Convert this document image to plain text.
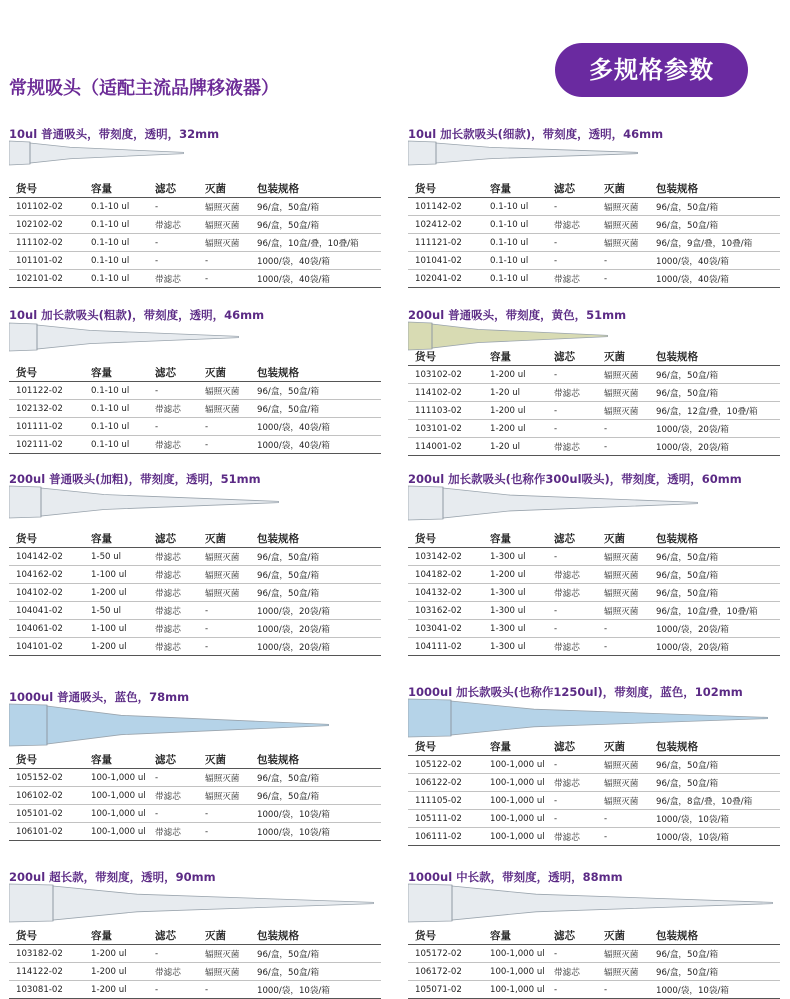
多规格参数
常规吸头（适配主流品牌移液器）
10ul 普通吸头，带刻度，透明，32mm
货号	容量	滤芯	灭菌	包装规格
101102-02	0.1-10 ul	-	辐照灭菌	96/盒，50盒/箱
102102-02	0.1-10 ul	带滤芯	辐照灭菌	96/盒，50盒/箱
111102-02	0.1-10 ul	-	辐照灭菌	96/盒，10盒/叠，10叠/箱
101101-02	0.1-10 ul	-	-	1000/袋，40袋/箱
102101-02	0.1-10 ul	带滤芯	-	1000/袋，40袋/箱
10ul 加长款吸头(细款)，带刻度，透明，46mm
货号	容量	滤芯	灭菌	包装规格
101142-02	0.1-10 ul	-	辐照灭菌	96/盒，50盒/箱
102412-02	0.1-10 ul	带滤芯	辐照灭菌	96/盒，50盒/箱
111121-02	0.1-10 ul	-	辐照灭菌	96/盒，9盒/叠，10叠/箱
101041-02	0.1-10 ul	-	-	1000/袋，40袋/箱
102041-02	0.1-10 ul	带滤芯	-	1000/袋，40袋/箱
10ul 加长款吸头(粗款)，带刻度，透明，46mm
货号	容量	滤芯	灭菌	包装规格
101122-02	0.1-10 ul	-	辐照灭菌	96/盒，50盒/箱
102132-02	0.1-10 ul	带滤芯	辐照灭菌	96/盒，50盒/箱
101111-02	0.1-10 ul	-	-	1000/袋，40袋/箱
102111-02	0.1-10 ul	带滤芯	-	1000/袋，40袋/箱
200ul 普通吸头，带刻度，黄色，51mm
货号	容量	滤芯	灭菌	包装规格
103102-02	1-200 ul	-	辐照灭菌	96/盒，50盒/箱
114102-02	1-20 ul	带滤芯	辐照灭菌	96/盒，50盒/箱
111103-02	1-200 ul	-	辐照灭菌	96/盒，12盒/叠，10叠/箱
103101-02	1-200 ul	-	-	1000/袋，20袋/箱
114001-02	1-20 ul	带滤芯	-	1000/袋，20袋/箱
200ul 普通吸头(加粗)，带刻度，透明，51mm
货号	容量	滤芯	灭菌	包装规格
104142-02	1-50 ul	带滤芯	辐照灭菌	96/盒，50盒/箱
104162-02	1-100 ul	带滤芯	辐照灭菌	96/盒，50盒/箱
104102-02	1-200 ul	带滤芯	辐照灭菌	96/盒，50盒/箱
104041-02	1-50 ul	带滤芯	-	1000/袋，20袋/箱
104061-02	1-100 ul	带滤芯	-	1000/袋，20袋/箱
104101-02	1-200 ul	带滤芯	-	1000/袋，20袋/箱
200ul 加长款吸头(也称作300ul吸头)，带刻度，透明，60mm
货号	容量	滤芯	灭菌	包装规格
103142-02	1-300 ul	-	辐照灭菌	96/盒，50盒/箱
104182-02	1-200 ul	带滤芯	辐照灭菌	96/盒，50盒/箱
104132-02	1-300 ul	带滤芯	辐照灭菌	96/盒，50盒/箱
103162-02	1-300 ul	-	辐照灭菌	96/盒，10盒/叠，10叠/箱
103041-02	1-300 ul	-	-	1000/袋，20袋/箱
104111-02	1-300 ul	带滤芯	-	1000/袋，20袋/箱
1000ul 普通吸头，蓝色，78mm
货号	容量	滤芯	灭菌	包装规格
105152-02	100-1,000 ul	-	辐照灭菌	96/盒，50盒/箱
106102-02	100-1,000 ul	带滤芯	辐照灭菌	96/盒，50盒/箱
105101-02	100-1,000 ul	-	-	1000/袋，10袋/箱
106101-02	100-1,000 ul	带滤芯	-	1000/袋，10袋/箱
1000ul 加长款吸头(也称作1250ul)，带刻度，蓝色，102mm
货号	容量	滤芯	灭菌	包装规格
105122-02	100-1,000 ul	-	辐照灭菌	96/盒，50盒/箱
106122-02	100-1,000 ul	带滤芯	辐照灭菌	96/盒，50盒/箱
111105-02	100-1,000 ul	-	辐照灭菌	96/盒，8盒/叠，10叠/箱
105111-02	100-1,000 ul	-	-	1000/袋，10袋/箱
106111-02	100-1,000 ul	带滤芯	-	1000/袋，10袋/箱
200ul 超长款，带刻度，透明，90mm
货号	容量	滤芯	灭菌	包装规格
103182-02	1-200 ul	-	辐照灭菌	96/盒，50盒/箱
114122-02	1-200 ul	带滤芯	辐照灭菌	96/盒，50盒/箱
103081-02	1-200 ul	-	-	1000/袋，10袋/箱
1000ul 中长款，带刻度，透明，88mm
货号	容量	滤芯	灭菌	包装规格
105172-02	100-1,000 ul	-	辐照灭菌	96/盒，50盒/箱
106172-02	100-1,000 ul	带滤芯	辐照灭菌	96/盒，50盒/箱
105071-02	100-1,000 ul	-	-	1000/袋，10袋/箱
